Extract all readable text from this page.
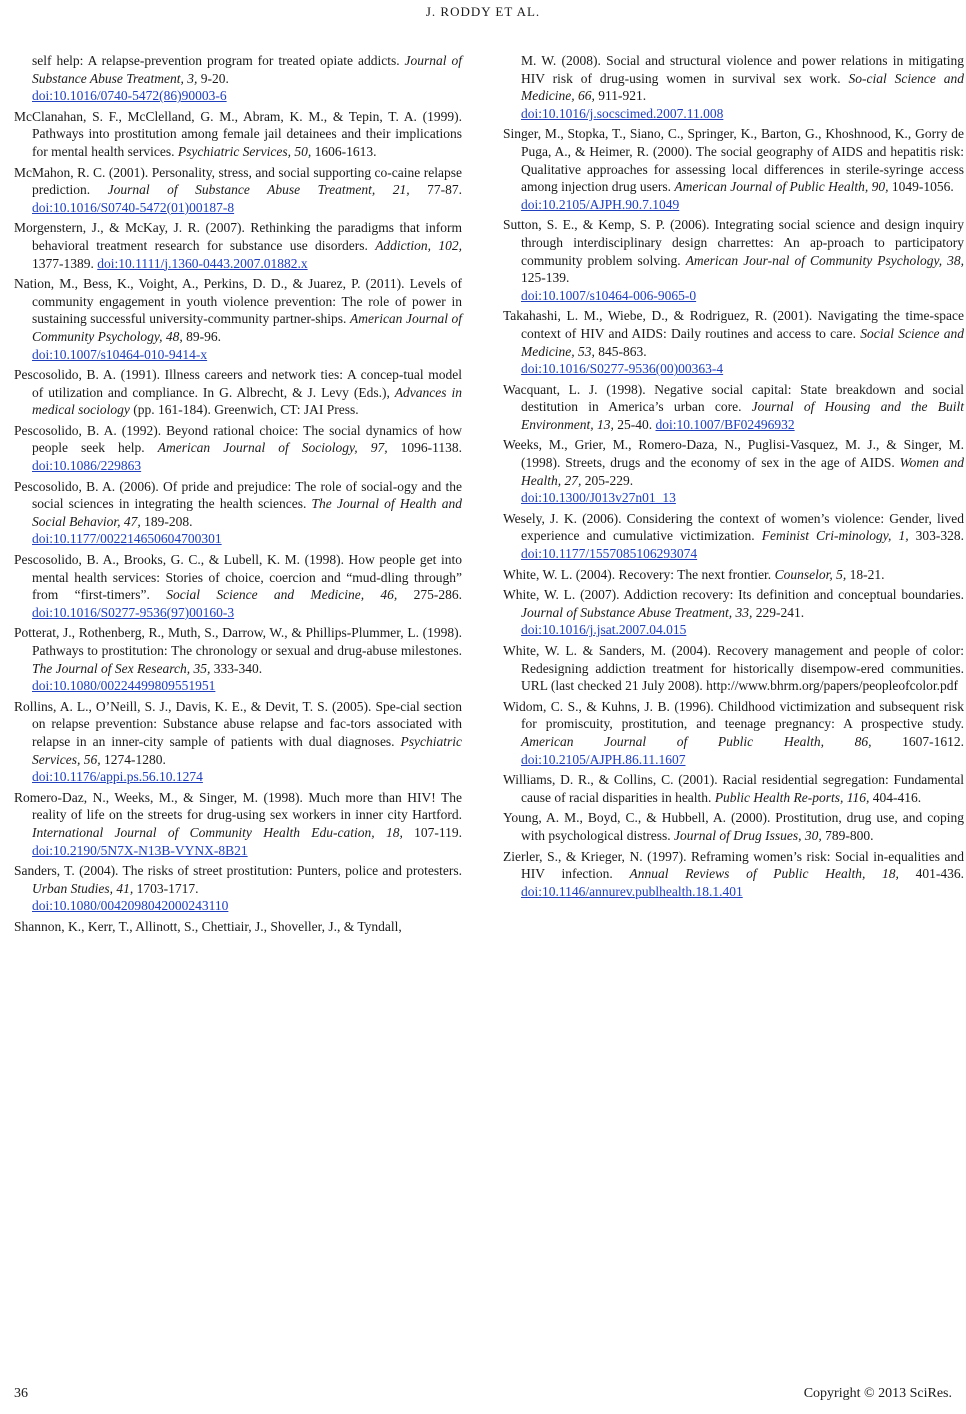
J. RODDY ET AL.
self help: A relapse-prevention program for treated opiate addicts. Journal of Substance Abuse Treatment, 3, 9-20.
doi:10.1016/0740-5472(86)90003-6
McClanahan, S. F., McClelland, G. M., Abram, K. M., & Tepin, T. A. (1999). Pathways into prostitution among female jail detainees and their implications for mental health services. Psychiatric Services, 50, 1606-1613.
McMahon, R. C. (2001). Personality, stress, and social supporting co-caine relapse prediction. Journal of Substance Abuse Treatment, 21, 77-87. doi:10.1016/S0740-5472(01)00187-8
Morgenstern, J., & McKay, J. R. (2007). Rethinking the paradigms that inform behavioral treatment research for substance use disorders. Addiction, 102, 1377-1389. doi:10.1111/j.1360-0443.2007.01882.x
Nation, M., Bess, K., Voight, A., Perkins, D. D., & Juarez, P. (2011). Levels of community engagement in youth violence prevention: The role of power in sustaining successful university-community partner-ships. American Journal of Community Psychology, 48, 89-96.
doi:10.1007/s10464-010-9414-x
Pescosolido, B. A. (1991). Illness careers and network ties: A concep-tual model of utilization and compliance. In G. Albrecht, & J. Levy (Eds.), Advances in medical sociology (pp. 161-184). Greenwich, CT: JAI Press.
Pescosolido, B. A. (1992). Beyond rational choice: The social dynamics of how people seek help. American Journal of Sociology, 97, 1096-1138. doi:10.1086/229863
Pescosolido, B. A. (2006). Of pride and prejudice: The role of social-ogy and the social sciences in integrating the health sciences. The Journal of Health and Social Behavior, 47, 189-208.
doi:10.1177/002214650604700301
Pescosolido, B. A., Brooks, G. C., & Lubell, K. M. (1998). How people get into mental health services: Stories of choice, coercion and “mud-dling through” from “first-timers”. Social Science and Medicine, 46, 275-286. doi:10.1016/S0277-9536(97)00160-3
Potterat, J., Rothenberg, R., Muth, S., Darrow, W., & Phillips-Plummer, L. (1998). Pathways to prostitution: The chronology or sexual and drug-abuse milestones. The Journal of Sex Research, 35, 333-340.
doi:10.1080/00224499809551951
Rollins, A. L., O’Neill, S. J., Davis, K. E., & Devit, T. S. (2005). Spe-cial section on relapse prevention: Substance abuse relapse and fac-tors associated with relapse in an inner-city sample of patients with dual diagnoses. Psychiatric Services, 56, 1274-1280.
doi:10.1176/appi.ps.56.10.1274
Romero-Daz, N., Weeks, M., & Singer, M. (1998). Much more than HIV! The reality of life on the streets for drug-using sex workers in inner city Hartford. International Journal of Community Health Edu-cation, 18, 107-119. doi:10.2190/5N7X-N13B-VYNX-8B21
Sanders, T. (2004). The risks of street prostitution: Punters, police and protesters. Urban Studies, 41, 1703-1717.
doi:10.1080/0042098042000243110
Shannon, K., Kerr, T., Allinott, S., Chettiair, J., Shoveller, J., & Tyndall,
M. W. (2008). Social and structural violence and power relations in mitigating HIV risk of drug-using women in survival sex work. So-cial Science and Medicine, 66, 911-921.
doi:10.1016/j.socscimed.2007.11.008
Singer, M., Stopka, T., Siano, C., Springer, K., Barton, G., Khoshnood, K., Gorry de Puga, A., & Heimer, R. (2000). The social geography of AIDS and hepatitis risk: Qualitative approaches for assessing local differences in sterile-syringe access among injection drug users. American Journal of Public Health, 90, 1049-1056.
doi:10.2105/AJPH.90.7.1049
Sutton, S. E., & Kemp, S. P. (2006). Integrating social science and design inquiry through interdisciplinary design charrettes: An ap-proach to participatory community problem solving. American Jour-nal of Community Psychology, 38, 125-139.
doi:10.1007/s10464-006-9065-0
Takahashi, L. M., Wiebe, D., & Rodriguez, R. (2001). Navigating the time-space context of HIV and AIDS: Daily routines and access to care. Social Science and Medicine, 53, 845-863.
doi:10.1016/S0277-9536(00)00363-4
Wacquant, L. J. (1998). Negative social capital: State breakdown and social destitution in America’s urban core. Journal of Housing and the Built Environment, 13, 25-40. doi:10.1007/BF02496932
Weeks, M., Grier, M., Romero-Daza, N., Puglisi-Vasquez, M. J., & Singer, M. (1998). Streets, drugs and the economy of sex in the age of AIDS. Women and Health, 27, 205-229.
doi:10.1300/J013v27n01_13
Wesely, J. K. (2006). Considering the context of women’s violence: Gender, lived experience and cumulative victimization. Feminist Cri-minology, 1, 303-328. doi:10.1177/1557085106293074
White, W. L. (2004). Recovery: The next frontier. Counselor, 5, 18-21.
White, W. L. (2007). Addiction recovery: Its definition and conceptual boundaries. Journal of Substance Abuse Treatment, 33, 229-241.
doi:10.1016/j.jsat.2007.04.015
White, W. L. & Sanders, M. (2004). Recovery management and people of color: Redesigning addiction treatment for historically disempow-ered communities. URL (last checked 21 July 2008). http://www.bhrm.org/papers/peopleofcolor.pdf
Widom, C. S., & Kuhns, J. B. (1996). Childhood victimization and subsequent risk for promiscuity, prostitution, and teenage pregnancy: A prospective study. American Journal of Public Health, 86, 1607-1612. doi:10.2105/AJPH.86.11.1607
Williams, D. R., & Collins, C. (2001). Racial residential segregation: Fundamental cause of racial disparities in health. Public Health Re-ports, 116, 404-416.
Young, A. M., Boyd, C., & Hubbell, A. (2000). Prostitution, drug use, and coping with psychological distress. Journal of Drug Issues, 30, 789-800.
Zierler, S., & Krieger, N. (1997). Reframing women’s risk: Social in-equalities and HIV infection. Annual Reviews of Public Health, 18, 401-436. doi:10.1146/annurev.publhealth.18.1.401
36	Copyright © 2013 SciRes.
